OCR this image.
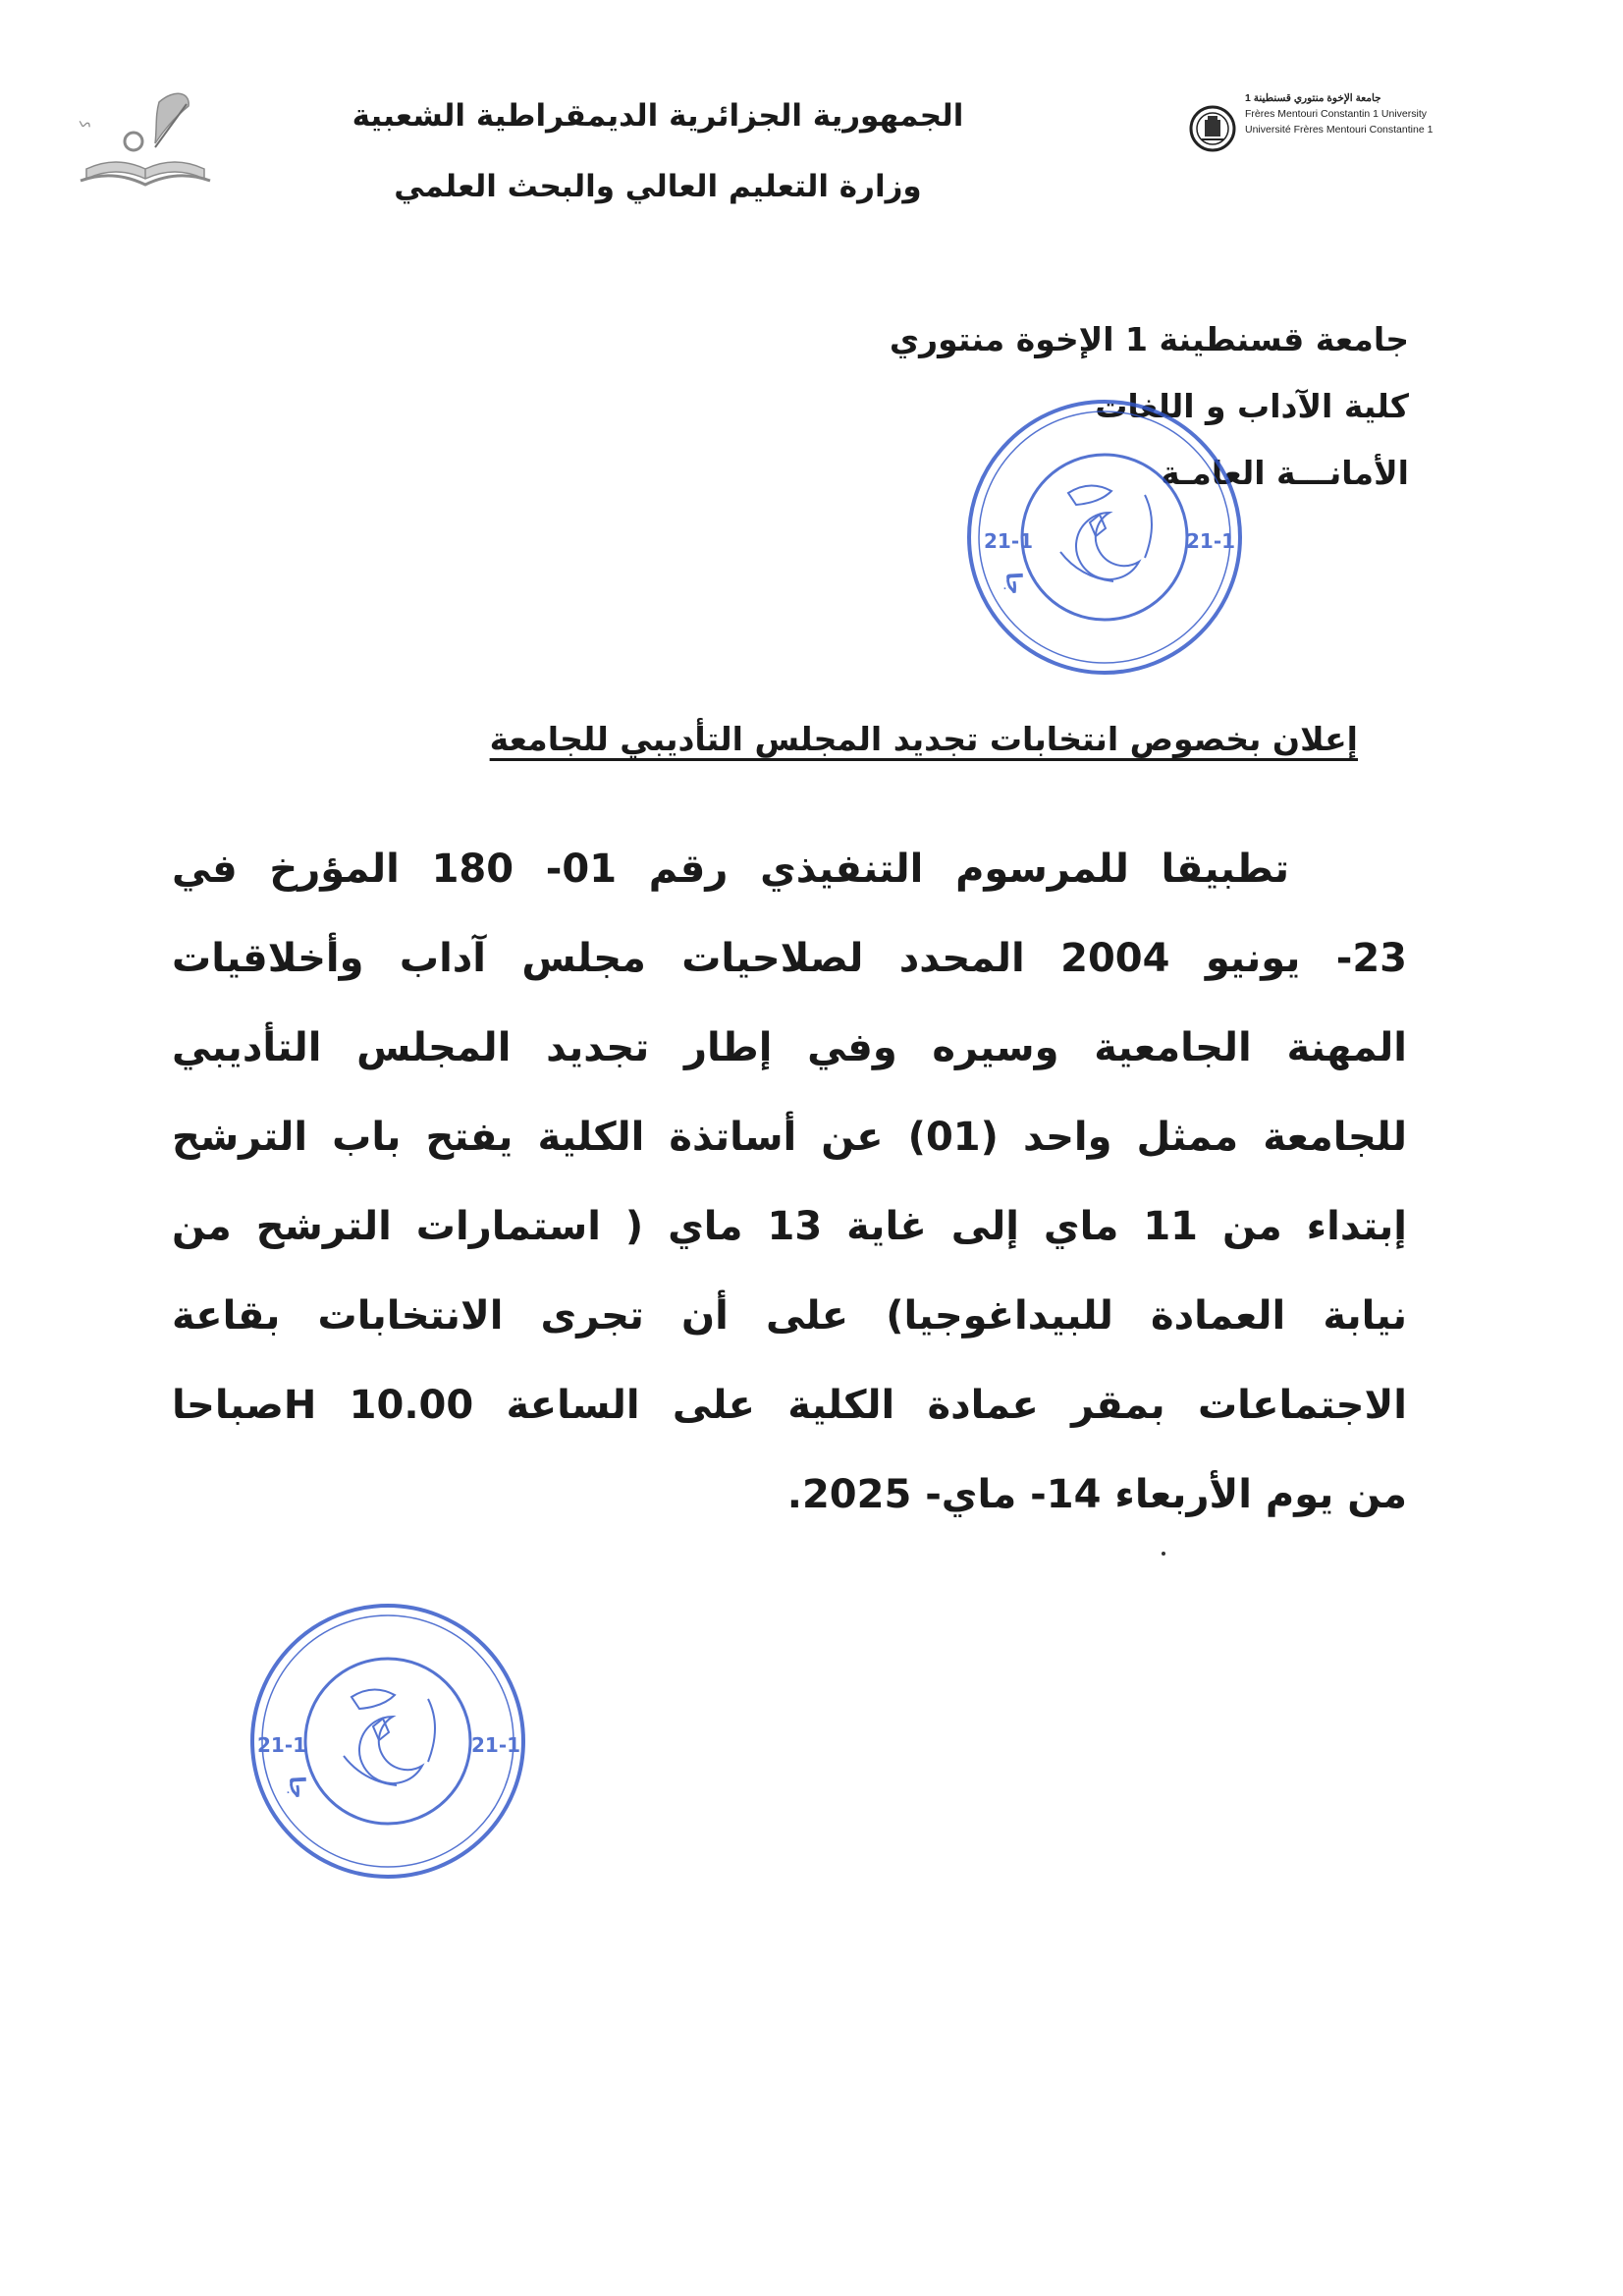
ك	الجمهورية الجزائرية الديمقراطية الشعبية
وزارة التعليم العالي والبحث العلمي
جامعة الإخوة منتوري قسنطينة 1
Frères Mentouri Constantin 1 University
Université Frères Mentouri Constantine 1
جامعة قسنطينة 1 الإخوة منتوري
كلية الآداب و اللغات
الأمانـــة العامـة
21-1	21-1
جا
21-1	21-1
جا
إعلان بخصوص انتخابات تجديد المجلس التأديبي للجامعة
تطبيقا للمرسوم التنفيذي رقم 01- 180 المؤرخ في
23- يونيو 2004 المحدد لصلاحيات مجلس آداب وأخلاقيات
المهنة الجامعية وسيره وفي إطار تجديد المجلس التأديبي
للجامعة ممثل واحد (01) عن أساتذة الكلية يفتح باب الترشح
إبتداء من 11 ماي إلى غاية 13 ماي ( استمارات الترشح من
نيابة العمادة للبيداغوجيا) على أن تجرى الانتخابات بقاعة
الاجتماعات بمقر عمادة الكلية على الساعة 10.00 Hصباحا
من يوم الأربعاء 14- ماي- 2025.
